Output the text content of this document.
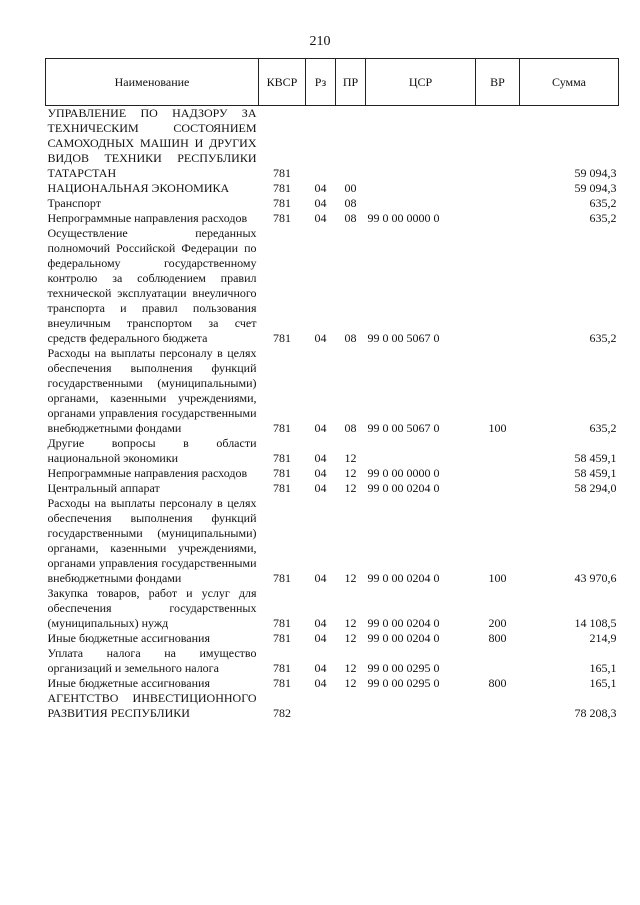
210
Наименование	КВСР	Рз	ПР	ЦСР	ВР	Сумма
УПРАВЛЕНИЕ ПО НАДЗОРУ ЗА ТЕХНИЧЕСКИМ СОСТОЯНИЕМ САМОХОДНЫХ МАШИН И ДРУГИХ ВИДОВ ТЕХНИКИ РЕСПУБЛИКИ ТАТАРСТАН	781					59 094,3
НАЦИОНАЛЬНАЯ ЭКОНОМИКА	781	04	00			59 094,3
Транспорт	781	04	08			635,2
Непрограммные направления расходов	781	04	08	99 0 00 0000 0		635,2
Осуществление переданных полномочий Российской Федерации по федеральному государственному контролю за соблюдением правил технической эксплуатации внеуличного транспорта и правил пользования внеуличным транспортом за счет средств федерального бюджета	781	04	08	99 0 00 5067 0		635,2
Расходы на выплаты персоналу в целях обеспечения выполнения функций государственными (муниципальными) органами, казенными учреждениями, органами управления государственными внебюджетными фондами	781	04	08	99 0 00 5067 0	100	635,2
Другие вопросы в области национальной экономики	781	04	12			58 459,1
Непрограммные направления расходов	781	04	12	99 0 00 0000 0		58 459,1
Центральный аппарат	781	04	12	99 0 00 0204 0		58 294,0
Расходы на выплаты персоналу в целях обеспечения выполнения функций государственными (муниципальными) органами, казенными учреждениями, органами управления государственными внебюджетными фондами	781	04	12	99 0 00 0204 0	100	43 970,6
Закупка товаров, работ и услуг для обеспечения государственных (муниципальных) нужд	781	04	12	99 0 00 0204 0	200	14 108,5
Иные бюджетные ассигнования	781	04	12	99 0 00 0204 0	800	214,9
Уплата налога на имущество организаций и земельного налога	781	04	12	99 0 00 0295 0		165,1
Иные бюджетные ассигнования	781	04	12	99 0 00 0295 0	800	165,1
АГЕНТСТВО ИНВЕСТИЦИОННОГО РАЗВИТИЯ РЕСПУБЛИКИ	782					78 208,3
